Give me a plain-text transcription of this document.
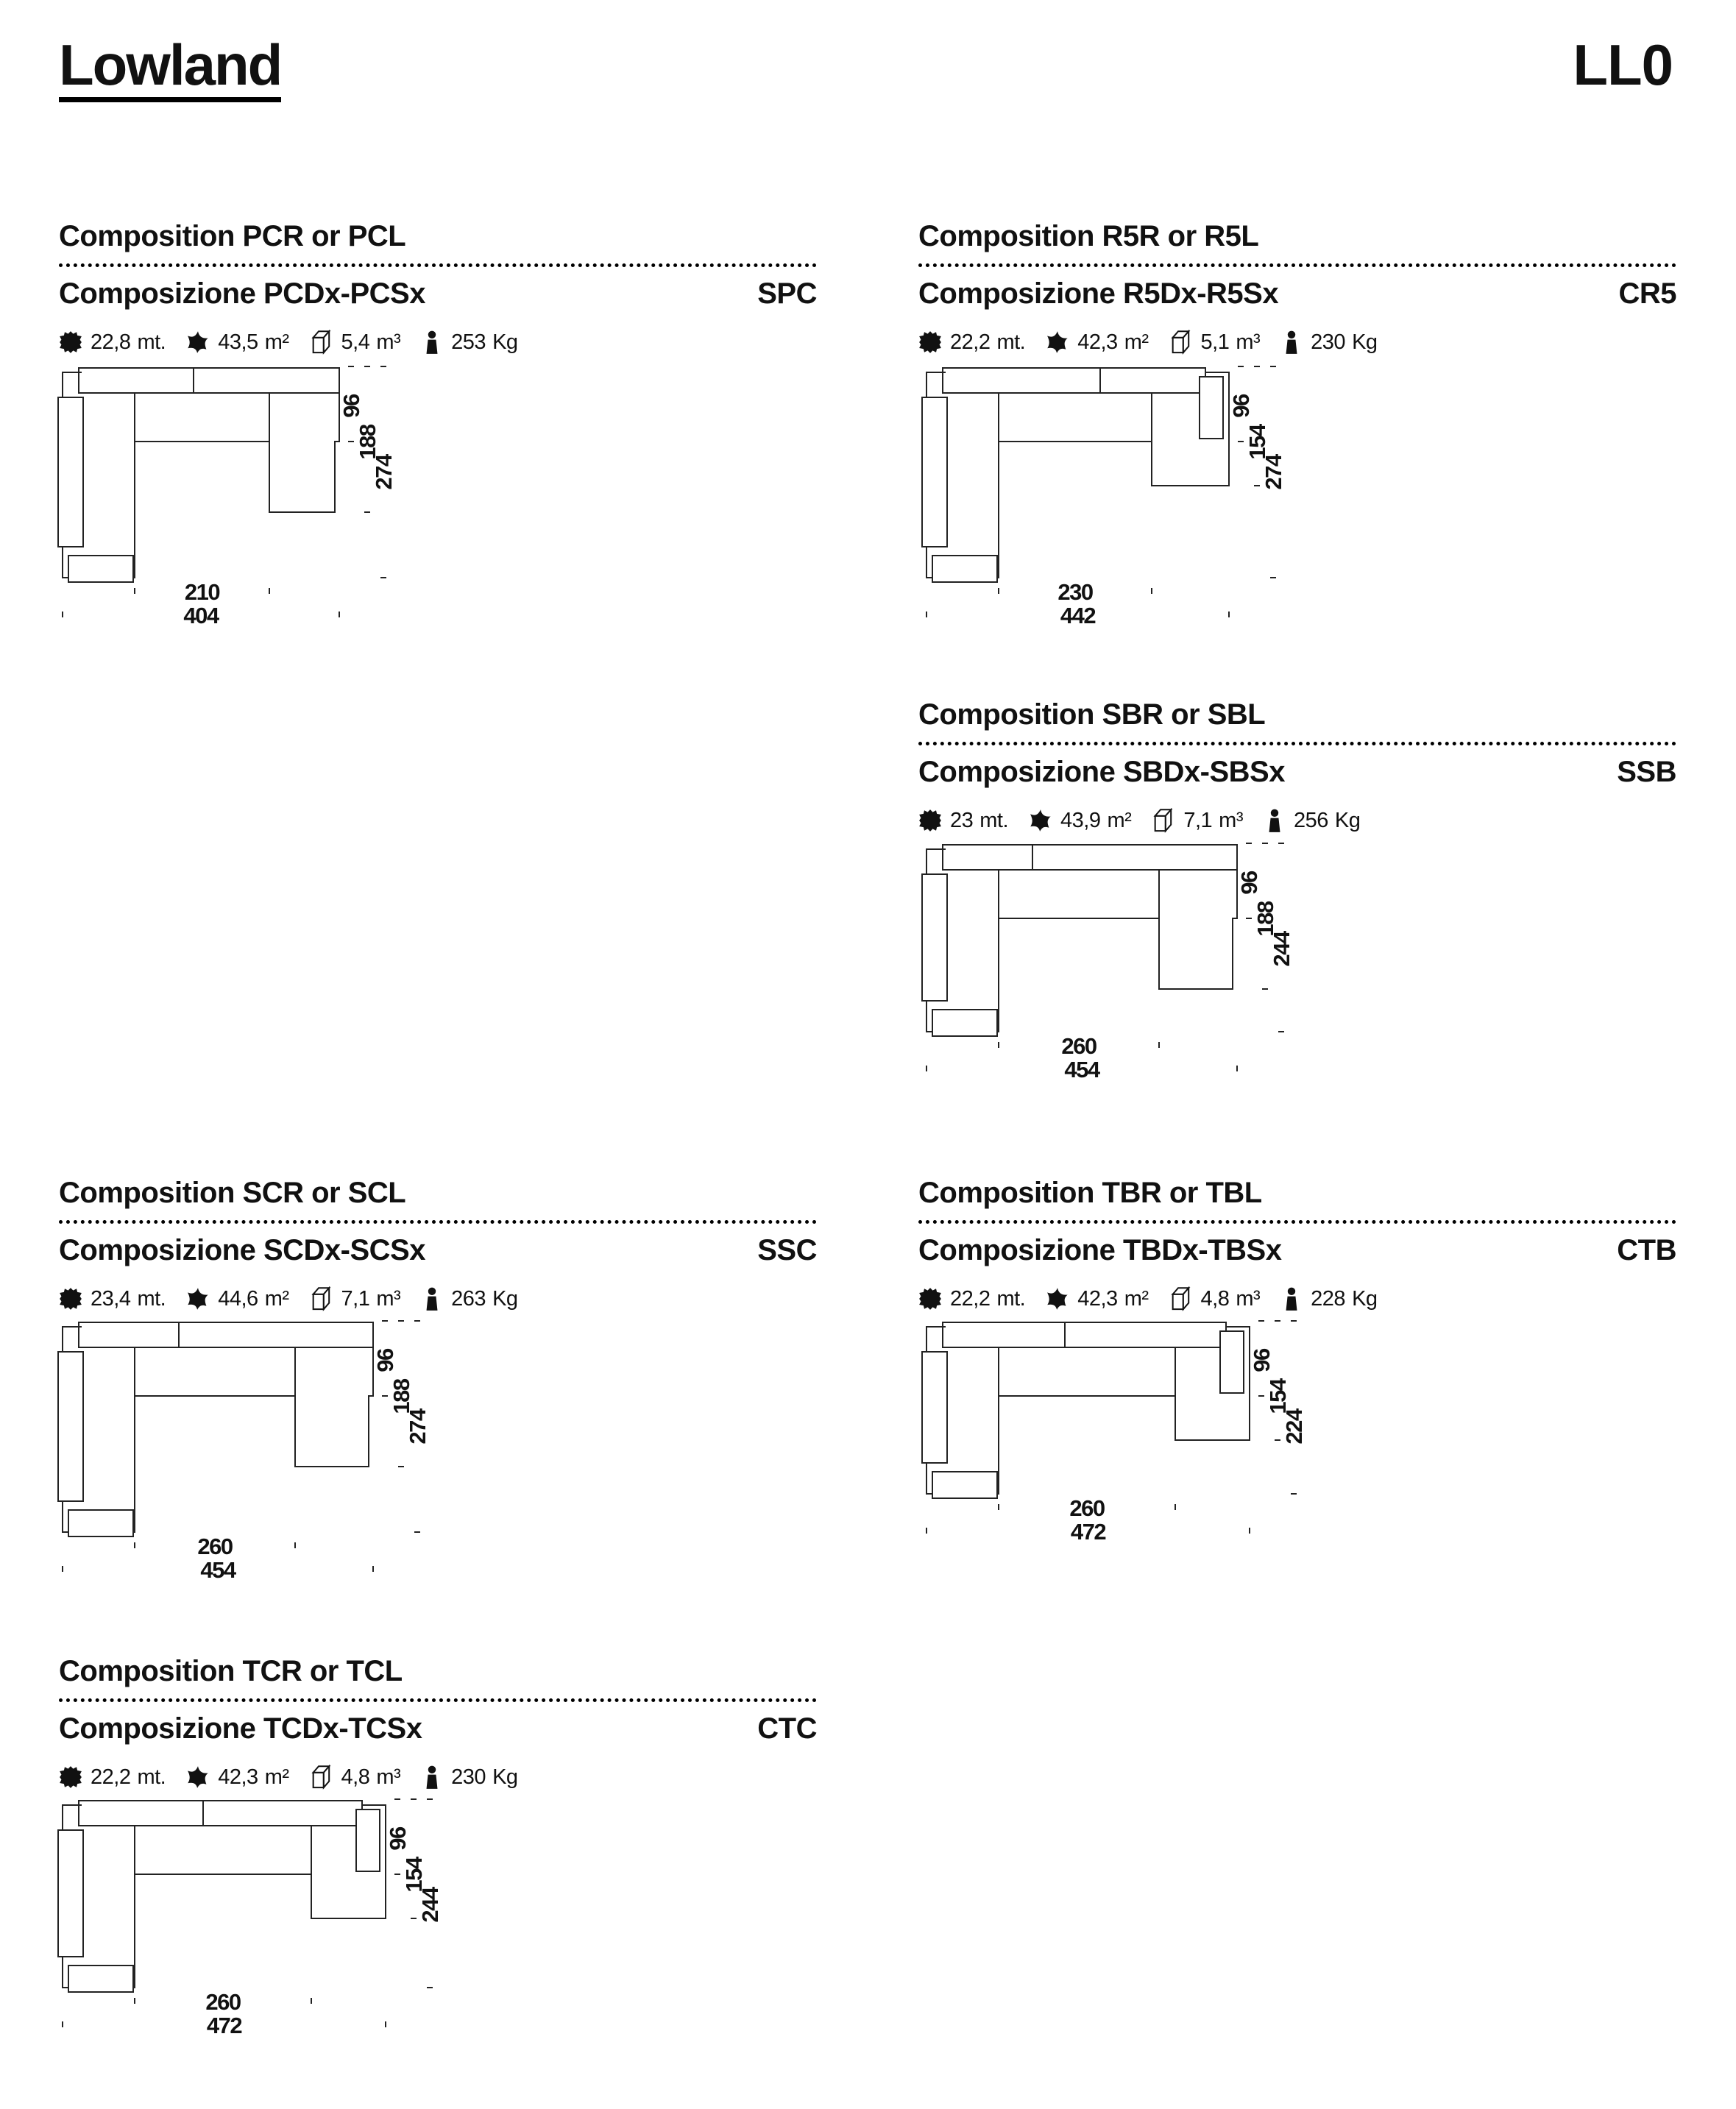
Lowland	LL0
Composition PCR or PCL
Composizione PCDx-PCSx	SPC
22,8 mt. 43,5 m² 5,4 m³ 253 Kg
Composition R5R or R5L
Composizione R5Dx-R5Sx	CR5
22,2 mt. 42,3 m² 5,1 m³ 230 Kg
Composition SBR or SBL
Composizione SBDx-SBSx	SSB
23 mt. 43,9 m² 7,1 m³ 256 Kg
Composition SCR or SCL
Composizione SCDx-SCSx	SSC
23,4 mt. 44,6 m² 7,1 m³ 263 Kg
Composition TBR or TBL
Composizione TBDx-TBSx	CTB
22,2 mt. 42,3 m² 4,8 m³ 228 Kg
Composition TCR or TCL
Composizione TCDx-TCSx	CTC
22,2 mt. 42,3 m² 4,8 m³ 230 Kg
96
188
274
210
404
96
154
274
230
442
96
188
244
260
454
96
188
274
260
454
96
154
224
260
472
96
154
244
260
472
